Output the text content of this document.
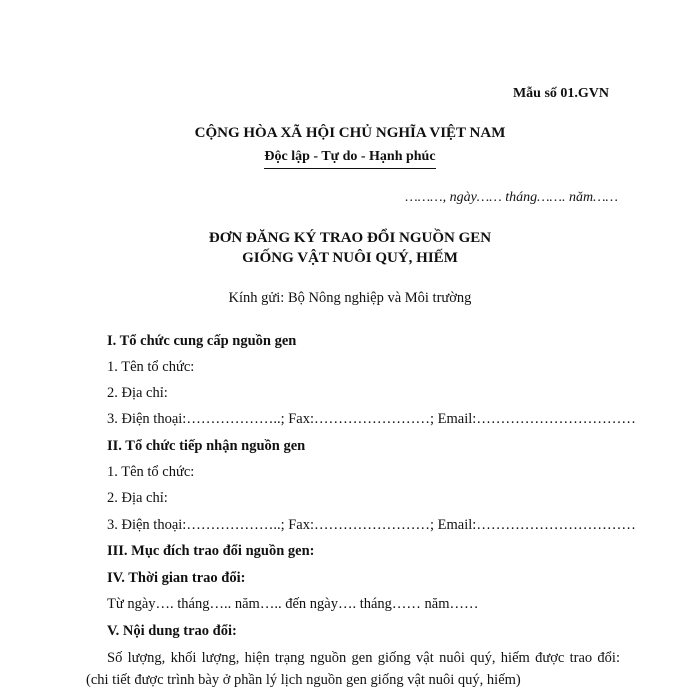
Mẫu số 01.GVN
CỘNG HÒA XÃ HỘI CHỦ NGHĨA VIỆT NAM
Độc lập - Tự do - Hạnh phúc
………, ngày…… tháng……. năm……
ĐƠN ĐĂNG KÝ TRAO ĐỔI NGUỒN GEN
GIỐNG VẬT NUÔI QUÝ, HIẾM
Kính gửi: Bộ Nông nghiệp và Môi trường
I. Tổ chức cung cấp nguồn gen
1. Tên tổ chức:
2. Địa chỉ:
3. Điện thoại:………………..; Fax:……………………; Email:……………………………
II. Tổ chức tiếp nhận nguồn gen
1. Tên tổ chức:
2. Địa chỉ:
3. Điện thoại:………………..; Fax:……………………; Email:……………………………
III. Mục đích trao đổi nguồn gen:
IV. Thời gian trao đổi:
Từ ngày…. tháng….. năm….. đến ngày…. tháng…… năm……
V. Nội dung trao đổi:
Số lượng, khối lượng, hiện trạng nguồn gen giống vật nuôi quý, hiếm được trao đổi: (chi tiết được trình bày ở phần lý lịch nguồn gen giống vật nuôi quý, hiếm)
